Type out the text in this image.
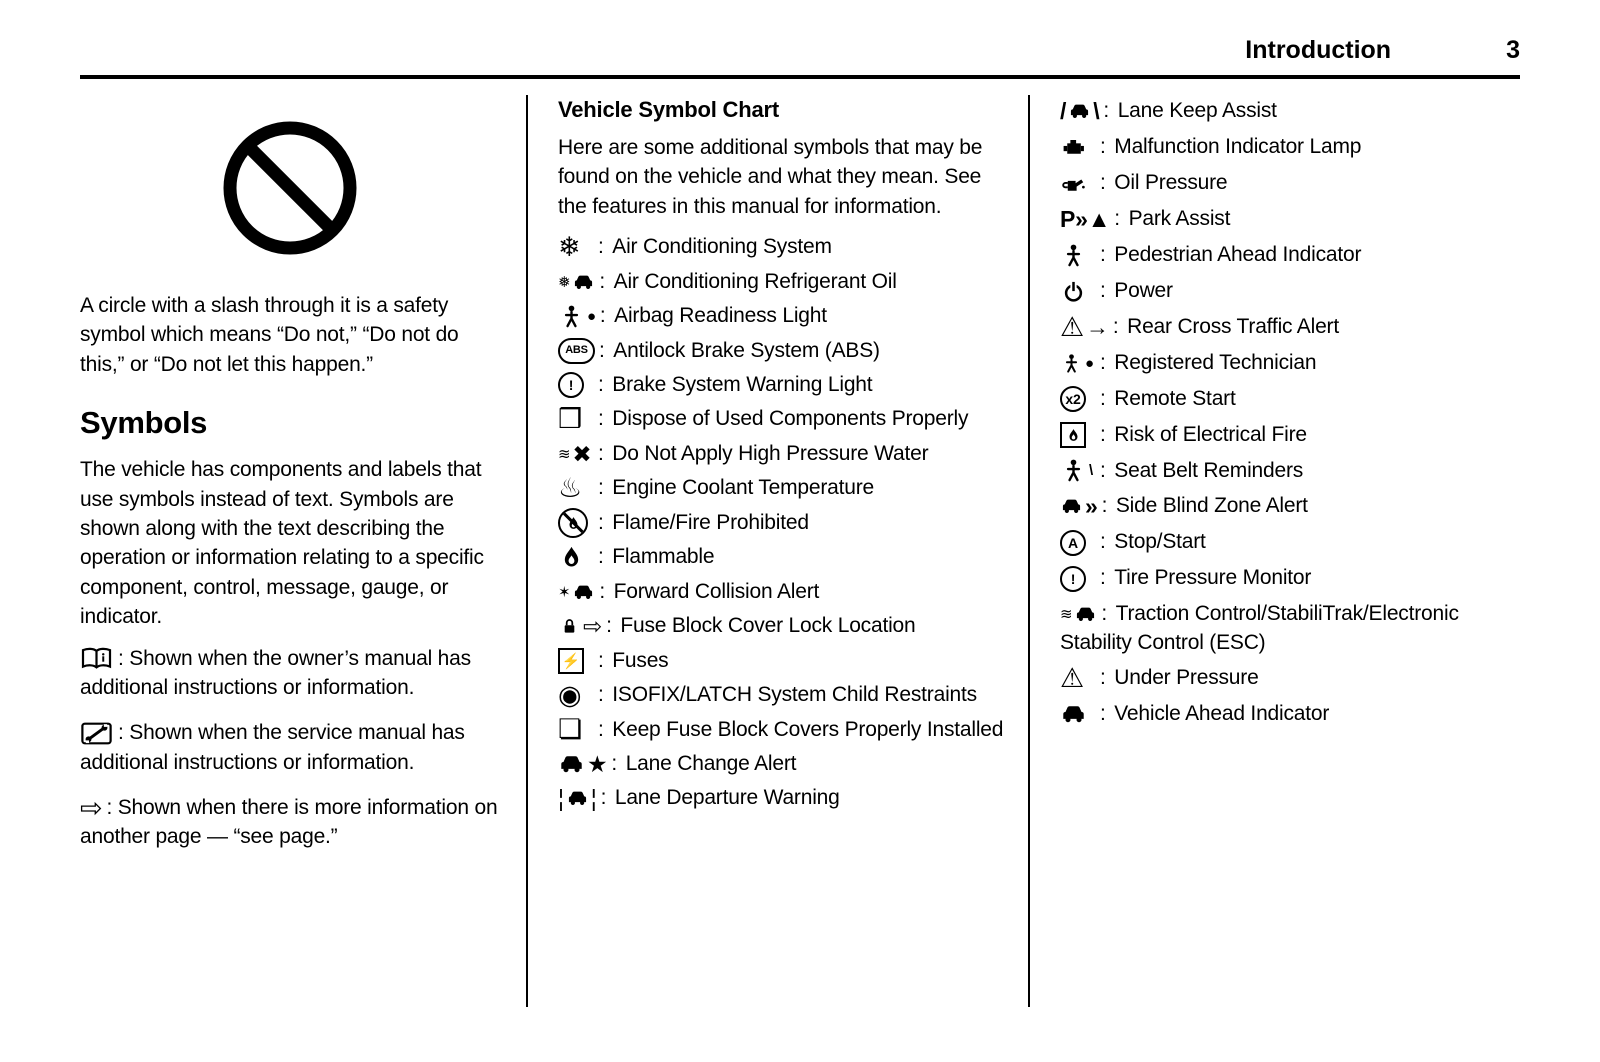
Introduction	3

A circle with a slash through it is a safety symbol which means “Do not,” “Do not do this,” or “Do not let this happen.”

Symbols

The vehicle has components and labels that use symbols instead of text. Symbols are shown along with the text describing the operation or information relating to a specific component, control, message, gauge, or indicator.

: Shown when the owner’s manual has additional instructions or information.

: Shown when the service manual has additional instructions or information.

⇨ : Shown when there is more information on another page — “see page.”

Vehicle Symbol Chart

Here are some additional symbols that may be found on the vehicle and what they mean. See the features in this manual for information.

❄ : Air Conditioning System
❅ : Air Conditioning Refrigerant Oil
● : Airbag Readiness Light
ABS : Antilock Brake System (ABS)
!	: Brake System Warning Light
❒ : Dispose of Used Components Properly
≋ ✖ : Do Not Apply High Pressure Water
♨ : Engine Coolant Temperature
: Flame/Fire Prohibited
: Flammable
✶ : Forward Collision Alert
⇨ : Fuse Block Cover Lock Location
⚡ : Fuses
◉ : ISOFIX/LATCH System Child Restraints
❏ : Keep Fuse Block Covers Properly Installed
★ : Lane Change Alert
¦ ¦ : Lane Departure Warning
/ \ : Lane Keep Assist
: Malfunction Indicator Lamp
: Oil Pressure
P»▲ : Park Assist
: Pedestrian Ahead Indicator
: Power
⚠ → : Rear Cross Traffic Alert
● : Registered Technician
x2 : Remote Start
: Risk of Electrical Fire
\ : Seat Belt Reminders
» : Side Blind Zone Alert
A	: Stop/Start
!	: Tire Pressure Monitor
≋ : Traction Control/StabiliTrak/Electronic Stability Control (ESC)
⚠ : Under Pressure
: Vehicle Ahead Indicator
